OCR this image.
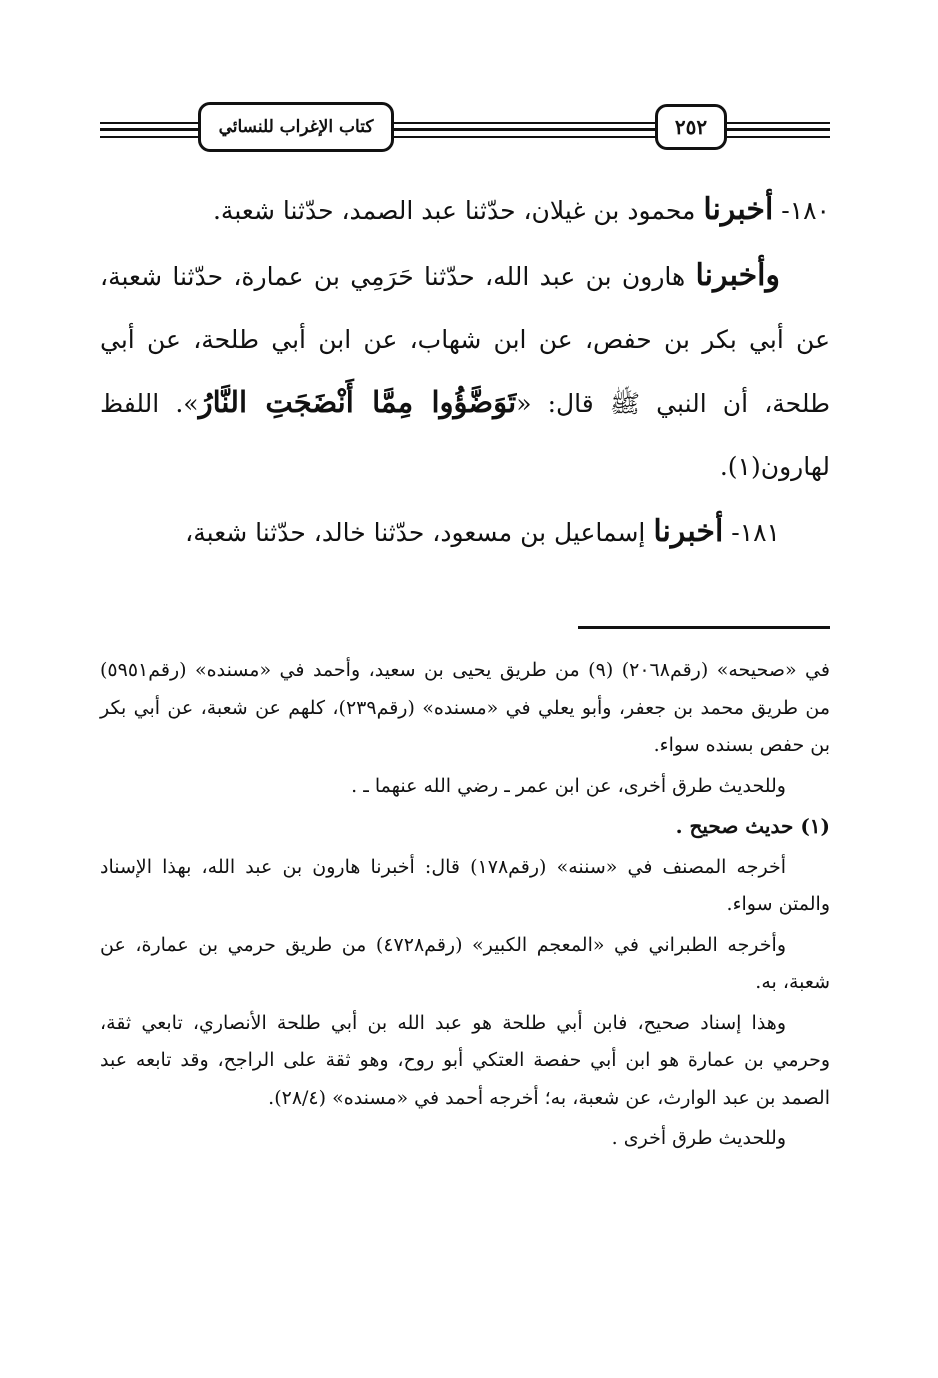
كتاب الإغراب للنسائي	٢٥٢

١٨٠- أخبرنا محمود بن غيلان، حدّثنا عبد الصمد، حدّثنا شعبة.

وأخبرنا هارون بن عبد الله، حدّثنا حَرَمِي بن عمارة، حدّثنا شعبة، عن أبي بكر بن حفص، عن ابن شهاب، عن ابن أبي طلحة، عن أبي طلحة، أن النبي ﷺ قال: «تَوَضَّؤُوا مِمَّا أَنْضَجَتِ النَّارُ». اللفظ لهارون(١).

١٨١- أخبرنا إسماعيل بن مسعود، حدّثنا خالد، حدّثنا شعبة،

في «صحيحه» (رقم٢٠٦٨) (٩) من طريق يحيى بن سعيد، وأحمد في «مسنده» (رقم٥٩٥١) من طريق محمد بن جعفر، وأبو يعلي في «مسنده» (رقم٢٣٩)، كلهم عن شعبة، عن أبي بكر بن حفص بسنده سواء.

وللحديث طرق أخرى، عن ابن عمر ـ رضي الله عنهما ـ .

(١) حديث صحيح .

أخرجه المصنف في «سننه» (رقم١٧٨) قال: أخبرنا هارون بن عبد الله، بهذا الإسناد والمتن سواء.

وأخرجه الطبراني في «المعجم الكبير» (رقم٤٧٢٨) من طريق حرمي بن عمارة، عن شعبة، به.

وهذا إسناد صحيح، فابن أبي طلحة هو عبد الله بن أبي طلحة الأنصاري، تابعي ثقة، وحرمي بن عمارة هو ابن أبي حفصة العتكي أبو روح، وهو ثقة على الراجح، وقد تابعه عبد الصمد بن عبد الوارث، عن شعبة، به؛ أخرجه أحمد في «مسنده» (٢٨/٤).

وللحديث طرق أخرى .
